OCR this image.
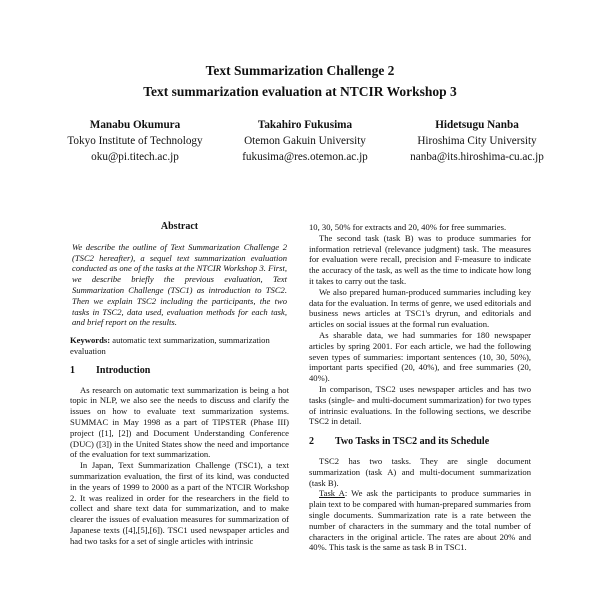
Text Summarization Challenge 2
Text summarization evaluation at NTCIR Workshop 3
Manabu Okumura
Tokyo Institute of Technology
oku@pi.titech.ac.jp
Takahiro Fukusima
Otemon Gakuin University
fukusima@res.otemon.ac.jp
Hidetsugu Nanba
Hiroshima City University
nanba@its.hiroshima-cu.ac.jp
Abstract

We describe the outline of Text Summarization Challenge 2 (TSC2 hereafter), a sequel text summarization evaluation conducted as one of the tasks at the NTCIR Workshop 3. First, we describe briefly the previous evaluation, Text Summarization Challenge (TSC1) as introduction to TSC2. Then we explain TSC2 including the participants, the two tasks in TSC2, data used, evaluation methods for each task, and brief report on the results.

Keywords: automatic text summarization, summarization evaluation

1	Introduction

As research on automatic text summarization is being a hot topic in NLP, we also see the needs to discuss and clarify the issues on how to evaluate text summarization systems. SUMMAC in May 1998 as a part of TIPSTER (Phase III) project ([1], [2]) and Document Understanding Conference (DUC) ([3]) in the United States show the need and importance of the evaluation for text summarization.

In Japan, Text Summarization Challenge (TSC1), a text summarization evaluation, the first of its kind, was conducted in the years of 1999 to 2000 as a part of the NTCIR Workshop 2. It was realized in order for the researchers in the field to collect and share text data for summarization, and to make clearer the issues of evaluation measures for summarization of Japanese texts ([4],[5],[6]). TSC1 used newspaper articles and had two tasks for a set of single articles with intrinsic

10, 30, 50% for extracts and 20, 40% for free summaries.

The second task (task B) was to produce summaries for information retrieval (relevance judgment) task. The measures for evaluation were recall, precision and F-measure to indicate the accuracy of the task, as well as the time to indicate how long it takes to carry out the task.

We also prepared human-produced summaries including key data for the evaluation. In terms of genre, we used editorials and business news articles at TSC1's dryrun, and editorials and articles on social issues at the formal run evaluation.

As sharable data, we had summaries for 180 newspaper articles by spring 2001. For each article, we had the following seven types of summaries: important sentences (10, 30, 50%), important parts specified (20, 40%), and free summaries (20, 40%).

In comparison, TSC2 uses newspaper articles and has two tasks (single- and multi-document summarization) for two types of intrinsic evaluations. In the following sections, we describe TSC2 in detail.

2	Two Tasks in TSC2 and its Schedule

TSC2 has two tasks. They are single document summarization (task A) and multi-document summarization (task B).

Task A: We ask the participants to produce summaries in plain text to be compared with human-prepared summaries from single documents. Summarization rate is a rate between the number of characters in the summary and the total number of characters in the original article. The rates are about 20% and 40%. This task is the same as task B in TSC1.
